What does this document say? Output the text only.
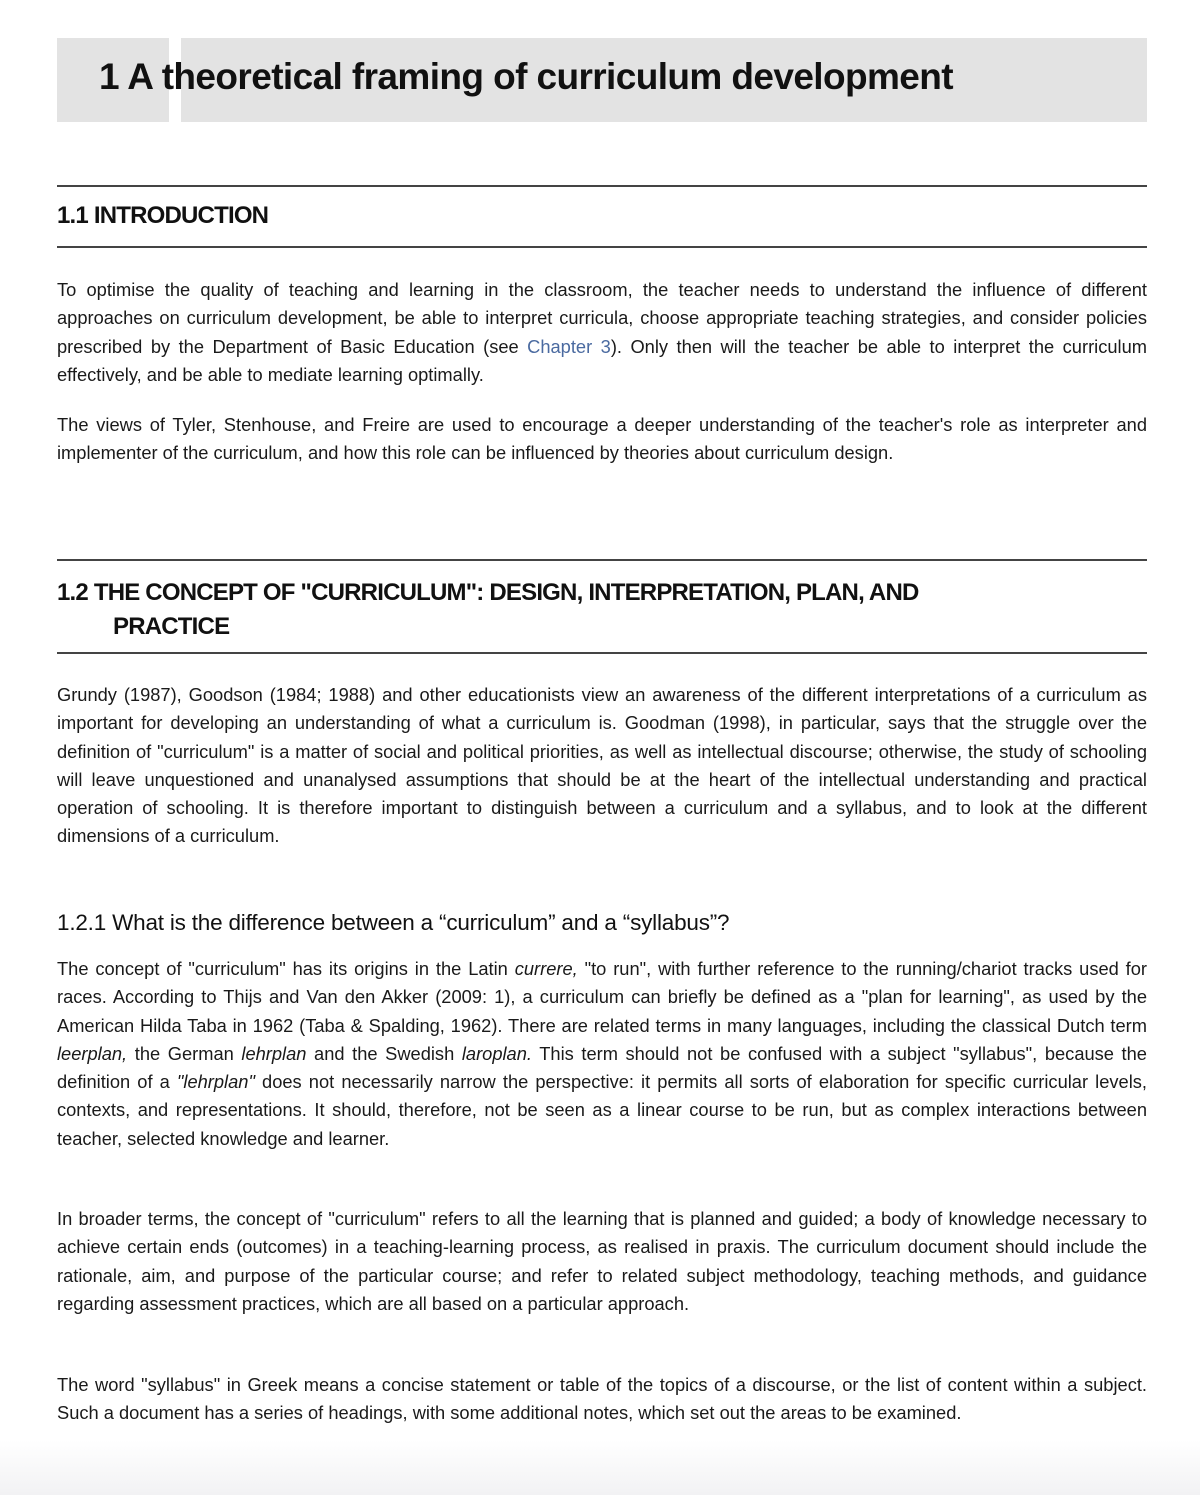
1 A theoretical framing of curriculum development
1.1 INTRODUCTION

To optimise the quality of teaching and learning in the classroom, the teacher needs to understand the influence of different approaches on curriculum development, be able to interpret curricula, choose appropriate teaching strategies, and consider policies prescribed by the Department of Basic Education (see Chapter 3). Only then will the teacher be able to interpret the curriculum effectively, and be able to mediate learning optimally.

The views of Tyler, Stenhouse, and Freire are used to encourage a deeper understanding of the teacher's role as interpreter and implementer of the curriculum, and how this role can be influenced by theories about curriculum design.

1.2 THE CONCEPT OF "CURRICULUM": DESIGN, INTERPRETATION, PLAN, AND
PRACTICE

Grundy (1987), Goodson (1984; 1988) and other educationists view an awareness of the different interpretations of a curriculum as important for developing an understanding of what a curriculum is. Goodman (1998), in particular, says that the struggle over the definition of "curriculum" is a matter of social and political priorities, as well as intellectual discourse; otherwise, the study of schooling will leave unquestioned and unanalysed assumptions that should be at the heart of the intellectual understanding and practical operation of schooling. It is therefore important to distinguish between a curriculum and a syllabus, and to look at the different dimensions of a curriculum.

1.2.1 What is the difference between a “curriculum” and a “syllabus”?

The concept of "curriculum" has its origins in the Latin currere, "to run", with further reference to the running/chariot tracks used for races. According to Thijs and Van den Akker (2009: 1), a curriculum can briefly be defined as a "plan for learning", as used by the American Hilda Taba in 1962 (Taba & Spalding, 1962). There are related terms in many languages, including the classical Dutch term leerplan, the German lehrplan and the Swedish laroplan. This term should not be confused with a subject "syllabus", because the definition of a "lehrplan" does not necessarily narrow the perspective: it permits all sorts of elaboration for specific curricular levels, contexts, and representations. It should, therefore, not be seen as a linear course to be run, but as complex interactions between teacher, selected knowledge and learner.

In broader terms, the concept of "curriculum" refers to all the learning that is planned and guided; a body of knowledge necessary to achieve certain ends (outcomes) in a teaching-learning process, as realised in praxis. The curriculum document should include the rationale, aim, and purpose of the particular course; and refer to related subject methodology, teaching methods, and guidance regarding assessment practices, which are all based on a particular approach.

The word "syllabus" in Greek means a concise statement or table of the topics of a discourse, or the list of content within a subject. Such a document has a series of headings, with some additional notes, which set out the areas to be examined.
